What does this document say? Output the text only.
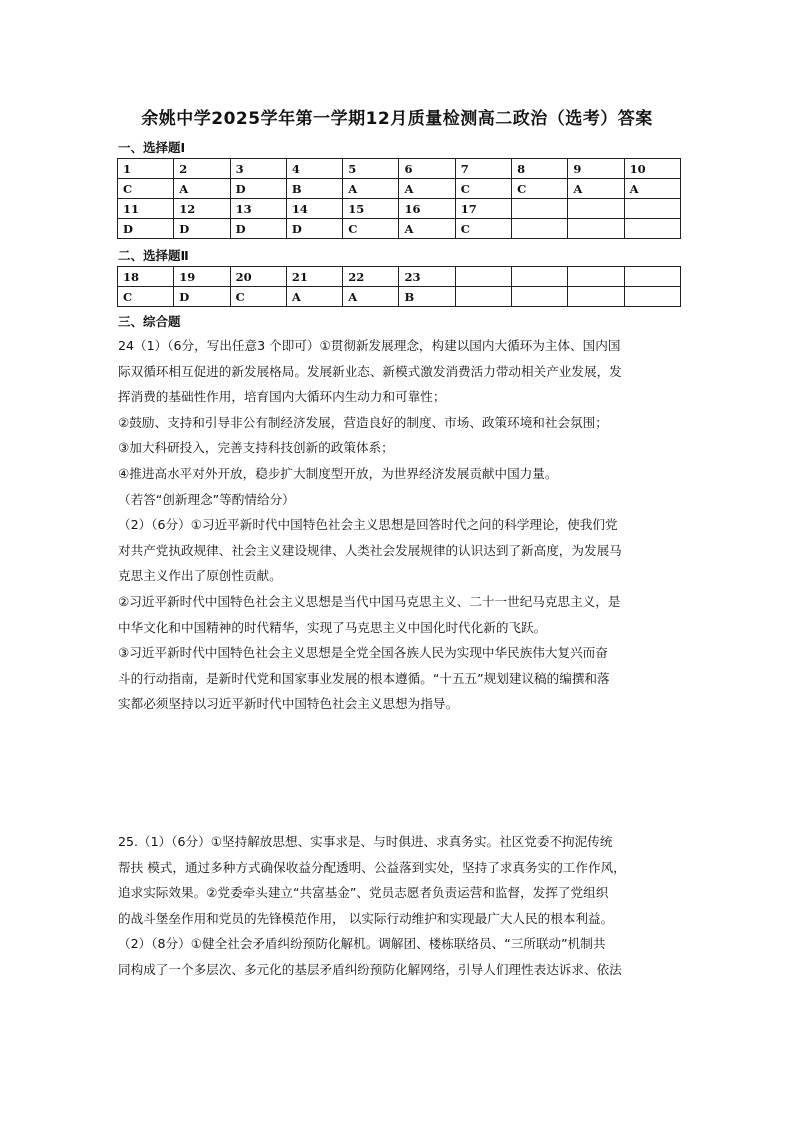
余姚中学2025学年第一学期12月质量检测高二政治（选考）答案
一、选择题Ⅰ
1	2	3	4	5	6	7	8	9	10
C	A	D	B	A	A	C	C	A	A
11	12	13	14	15	16	17			
D	D	D	D	C	A	C			
二、选择题Ⅱ
18	19	20	21	22	23				
C	D	C	A	A	B				
三、综合题
24（1）（6分，写出任意3 个即可）①贯彻新发展理念，构建以国内大循环为主体、国内国
际双循环相互促进的新发展格局。发展新业态、新模式激发消费活力带动相关产业发展，发
挥消费的基础性作用，培育国内大循环内生动力和可靠性；
②鼓励、支持和引导非公有制经济发展，营造良好的制度、市场、政策环境和社会氛围；
③加大科研投入，完善支持科技创新的政策体系；
④推进高水平对外开放，稳步扩大制度型开放，为世界经济发展贡献中国力量。
（若答“创新理念”等酌情给分）
（2）（6分）①习近平新时代中国特色社会主义思想是回答时代之问的科学理论，使我们党
对共产党执政规律、社会主义建设规律、人类社会发展规律的认识达到了新高度，为发展马
克思主义作出了原创性贡献。
②习近平新时代中国特色社会主义思想是当代中国马克思主义、二十一世纪马克思主义，是
中华文化和中国精神的时代精华，实现了马克思主义中国化时代化新的飞跃。
③习近平新时代中国特色社会主义思想是全党全国各族人民为实现中华民族伟大复兴而奋
斗的行动指南，是新时代党和国家事业发展的根本遵循。“十五五”规划建议稿的编撰和落
实都必须坚持以习近平新时代中国特色社会主义思想为指导。
25.（1）（6分）①坚持解放思想、实事求是、与时俱进、求真务实。社区党委不拘泥传统
帮扶 模式，通过多种方式确保收益分配透明、公益落到实处，坚持了求真务实的工作作风，
追求实际效果。②党委牵头建立“共富基金”、党员志愿者负责运营和监督，发挥了党组织
的战斗堡垒作用和党员的先锋模范作用， 以实际行动维护和实现最广大人民的根本利益。
（2）（8分）①健全社会矛盾纠纷预防化解机。调解团、楼栋联络员、“三所联动”机制共
同构成了一个多层次、多元化的基层矛盾纠纷预防化解网络，引导人们理性表达诉求、依法
